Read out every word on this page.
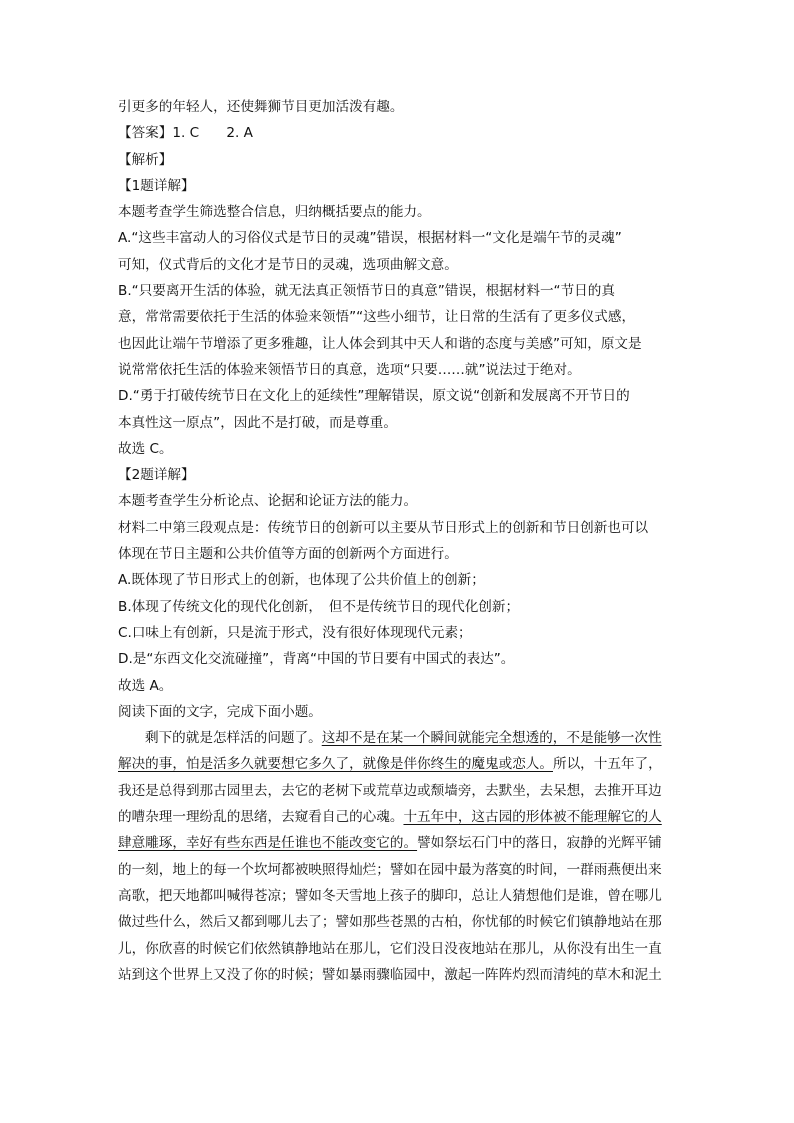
引更多的年轻人，还使舞狮节目更加活泼有趣。
【答案】1. C　　2. A
【解析】
【1题详解】
本题考查学生筛选整合信息，归纳概括要点的能力。
A.“这些丰富动人的习俗仪式是节日的灵魂”错误，根据材料一“文化是端午节的灵魂”
可知，仪式背后的文化才是节日的灵魂，选项曲解文意。
B.“只要离开生活的体验，就无法真正领悟节日的真意”错误，根据材料一“节日的真
意，常常需要依托于生活的体验来领悟”“这些小细节，让日常的生活有了更多仪式感，
也因此让端午节增添了更多雅趣，让人体会到其中天人和谐的态度与美感”可知，原文是
说常常依托生活的体验来领悟节日的真意，选项“只要……就”说法过于绝对。
D.“勇于打破传统节日在文化上的延续性”理解错误，原文说“创新和发展离不开节日的
本真性这一原点”，因此不是打破，而是尊重。
故选 C。
【2题详解】
本题考查学生分析论点、论据和论证方法的能力。
材料二中第三段观点是：传统节日的创新可以主要从节日形式上的创新和节日创新也可以
体现在节日主题和公共价值等方面的创新两个方面进行。
A.既体现了节日形式上的创新，也体现了公共价值上的创新；
B.体现了传统文化的现代化创新，　但不是传统节日的现代化创新；
C.口味上有创新，只是流于形式，没有很好体现现代元素；
D.是“东西文化交流碰撞”，背离“中国的节日要有中国式的表达”。
故选 A。
阅读下面的文字，完成下面小题。
剩下的就是怎样活的问题了。这却不是在某一个瞬间就能完全想透的，不是能够一次性
解决的事，怕是活多久就要想它多久了，就像是伴你终生的魔鬼或恋人。所以，十五年了，
我还是总得到那古园里去，去它的老树下或荒草边或颓墙旁，去默坐，去呆想，去推开耳边
的嘈杂理一理纷乱的思绪，去窥看自己的心魂。十五年中，这古园的形体被不能理解它的人
肆意雕琢，幸好有些东西是任谁也不能改变它的。譬如祭坛石门中的落日，寂静的光辉平铺
的一刻，地上的每一个坎坷都被映照得灿烂；譬如在园中最为落寞的时间，一群雨燕便出来
高歌，把天地都叫喊得苍凉；譬如冬天雪地上孩子的脚印，总让人猜想他们是谁，曾在哪儿
做过些什么，然后又都到哪儿去了；譬如那些苍黑的古柏，你忧郁的时候它们镇静地站在那
儿，你欣喜的时候它们依然镇静地站在那儿，它们没日没夜地站在那儿，从你没有出生一直
站到这个世界上又没了你的时候；譬如暴雨骤临园中，激起一阵阵灼烈而清纯的草木和泥土
